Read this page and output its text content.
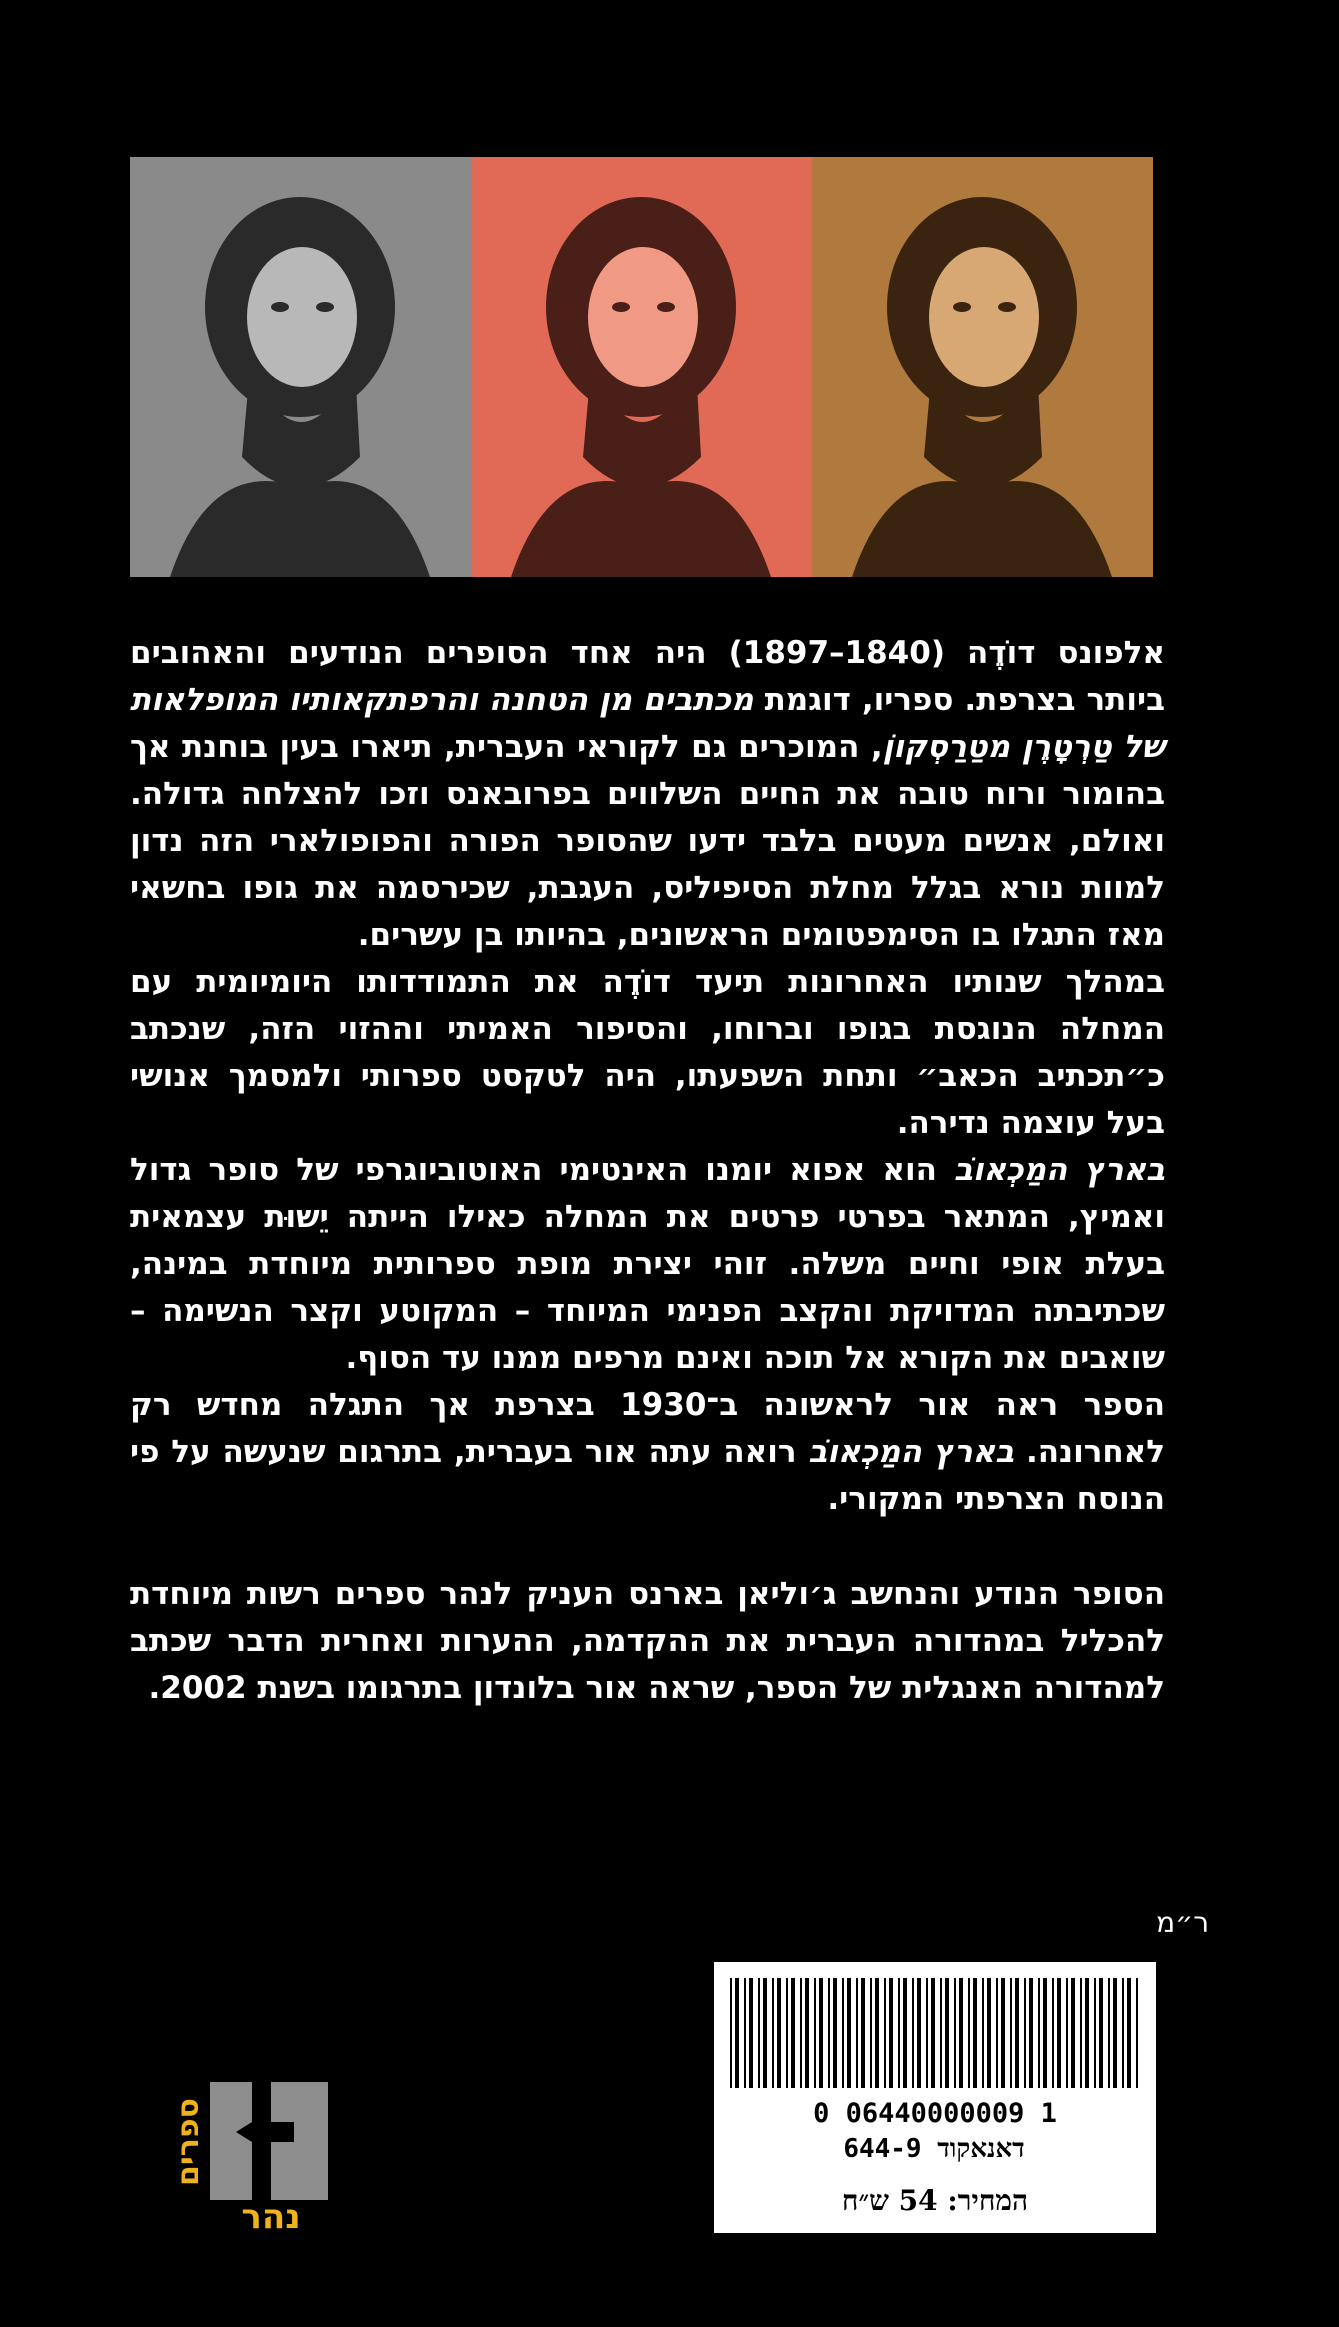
אלפונס דוֹדֶה (1840–1897) היה אחד הסופרים הנודעים והאהובים ביותר בצרפת. ספריו, דוגמת מכתבים מן הטחנה והרפתקאותיו המופלאות של טַרְטָרֶן מטַרַסְקוֹן, המוכרים גם לקוראי העברית, תיארו בעין בוחנת אך בהומור ורוח טובה את החיים השלווים בפרובאנס וזכו להצלחה גדולה. ואולם, אנשים מעטים בלבד ידעו שהסופר הפורה והפופולארי הזה נדון למוות נורא בגלל מחלת הסיפיליס, העגבת, שכירסמה את גופו בחשאי מאז התגלו בו הסימפטומים הראשונים, בהיותו בן עשרים.

במהלך שנותיו האחרונות תיעד דוֹדֶה את התמודדותו היומיומית עם המחלה הנוגסת בגופו וברוחו, והסיפור האמיתי וההזוי הזה, שנכתב כ״תכתיב הכאב״ ותחת השפעתו, היה לטקסט ספרותי ולמסמך אנושי בעל עוצמה נדירה.

בארץ המַכְאוֹב הוא אפוא יומנו האינטימי האוטוביוגרפי של סופר גדול ואמיץ, המתאר בפרטי פרטים את המחלה כאילו הייתה יֵשוּת עצמאית בעלת אופי וחיים משלה. זוהי יצירת מופת ספרותית מיוחדת במינה, שכתיבתה המדויקת והקצב הפנימי המיוחד – המקוטע וקצר הנשימה – שואבים את הקורא אל תוכה ואינם מרפים ממנו עד הסוף.

הספר ראה אור לראשונה ב־1930 בצרפת אך התגלה מחדש רק לאחרונה. בארץ המַכְאוֹב רואה עתה אור בעברית, בתרגום שנעשה על פי הנוסח הצרפתי המקורי.

הסופר הנודע והנחשב ג׳וליאן בארנס העניק לנהר ספרים רשות מיוחדת להכליל במהדורה העברית את ההקדמה, ההערות ואחרית הדבר שכתב למהדורה האנגלית של הספר, שראה אור בלונדון בתרגומו בשנת 2002.

ר״מ
ספרים
נהר
0 06440000009 1
דאנאקוד 644-9
המחיר: 54 ש״ח
